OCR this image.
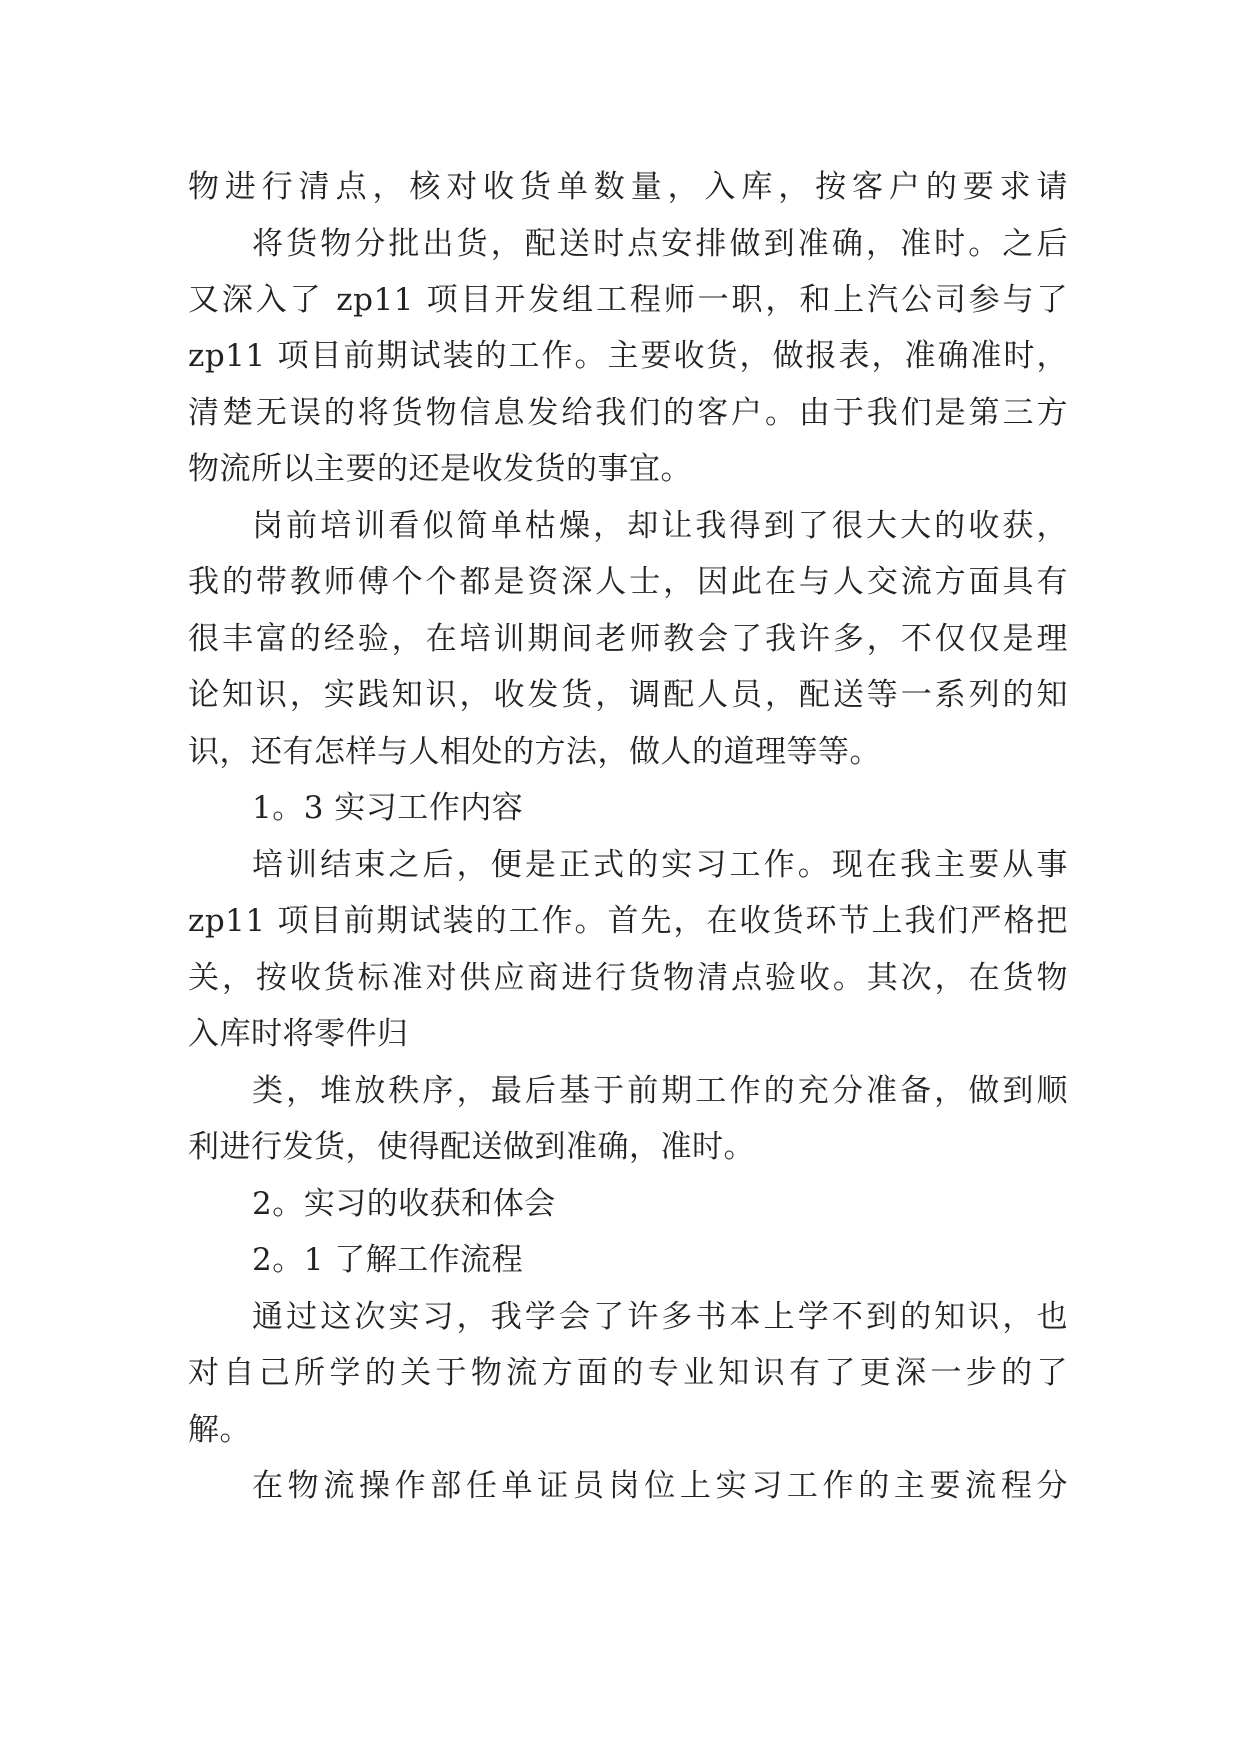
物进行清点，核对收货单数量，入库，按客户的要求请

将货物分批出货，配送时点安排做到准确，准时。之后

又深入了 zp11 项目开发组工程师一职，和上汽公司参与了

zp11 项目前期试装的工作。主要收货，做报表，准确准时，

清楚无误的将货物信息发给我们的客户。由于我们是第三方

物流所以主要的还是收发货的事宜。

岗前培训看似简单枯燥，却让我得到了很大大的收获，

我的带教师傅个个都是资深人士，因此在与人交流方面具有

很丰富的经验，在培训期间老师教会了我许多，不仅仅是理

论知识，实践知识，收发货，调配人员，配送等一系列的知

识，还有怎样与人相处的方法，做人的道理等等。

1。3 实习工作内容

培训结束之后，便是正式的实习工作。现在我主要从事

zp11 项目前期试装的工作。首先，在收货环节上我们严格把

关，按收货标准对供应商进行货物清点验收。其次，在货物

入库时将零件归

类，堆放秩序，最后基于前期工作的充分准备，做到顺

利进行发货，使得配送做到准确，准时。

2。实习的收获和体会

2。1 了解工作流程

通过这次实习，我学会了许多书本上学不到的知识，也

对自己所学的关于物流方面的专业知识有了更深一步的了

解。

在物流操作部任单证员岗位上实习工作的主要流程分
